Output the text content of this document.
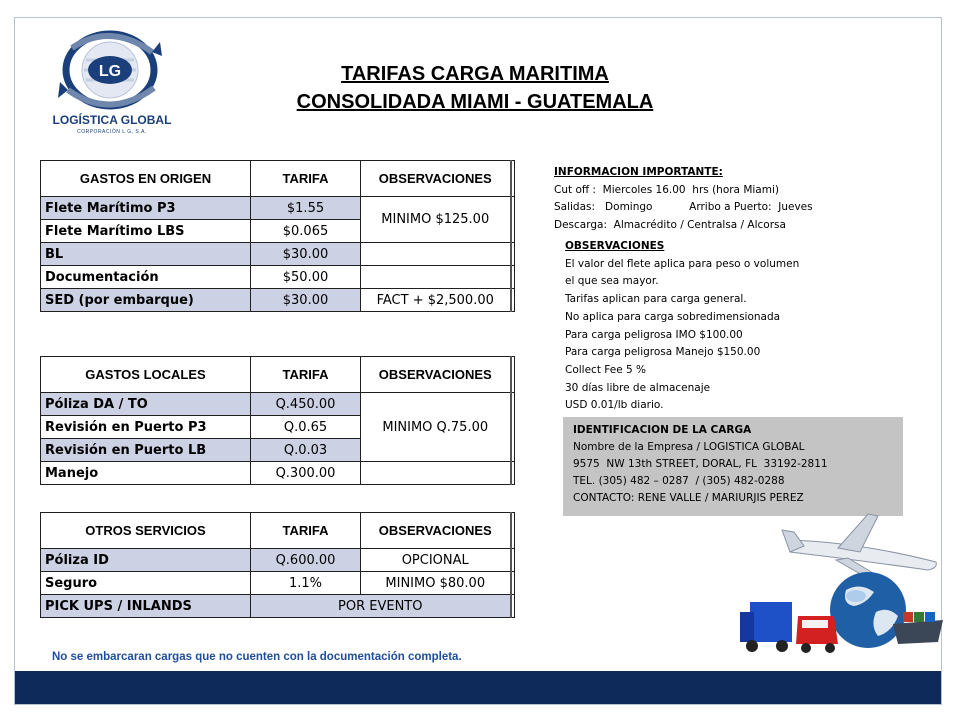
LG
LOGÍSTICA GLOBAL
CORPORACIÓN L G, S.A.
TARIFAS CARGA MARITIMA
CONSOLIDADA MIAMI - GUATEMALA
GASTOS EN ORIGEN	TARIFA	OBSERVACIONES	
Flete Marítimo P3	$1.55	MINIMO $125.00	
Flete Marítimo LBS	$0.065		
BL	$30.00		
Documentación	$50.00		
SED (por embarque)	$30.00	FACT + $2,500.00	
GASTOS LOCALES	TARIFA	OBSERVACIONES	
Póliza DA / TO	Q.450.00	MINIMO Q.75.00	
Revisión en Puerto P3	Q.0.65		
Revisión en Puerto LB	Q.0.03		
Manejo	Q.300.00		
OTROS SERVICIOS	TARIFA	OBSERVACIONES	
Póliza ID	Q.600.00	OPCIONAL	
Seguro	1.1%	MINIMO $80.00	
PICK UPS / INLANDS	POR EVENTO		
INFORMACION IMPORTANTE:
Cut off :  Miercoles 16.00  hrs (hora Miami)
Salidas:   Domingo           Arribo a Puerto:  Jueves
Descarga:  Almacrédito / Centralsa / Alcorsa
OBSERVACIONES
El valor del flete aplica para peso o volumen
el que sea mayor.
Tarifas aplican para carga general.
No aplica para carga sobredimensionada
Para carga peligrosa IMO $100.00
Para carga peligrosa Manejo $150.00
Collect Fee 5 %
30 días libre de almacenaje
USD 0.01/lb diario.
IDENTIFICACION DE LA CARGA
Nombre de la Empresa / LOGISTICA GLOBAL
9575  NW 13th STREET, DORAL, FL  33192-2811
TEL. (305) 482 – 0287  / (305) 482-0288
CONTACTO: RENE VALLE / MARIURJIS PEREZ
No se embarcaran cargas que no cuenten con la documentación completa.
